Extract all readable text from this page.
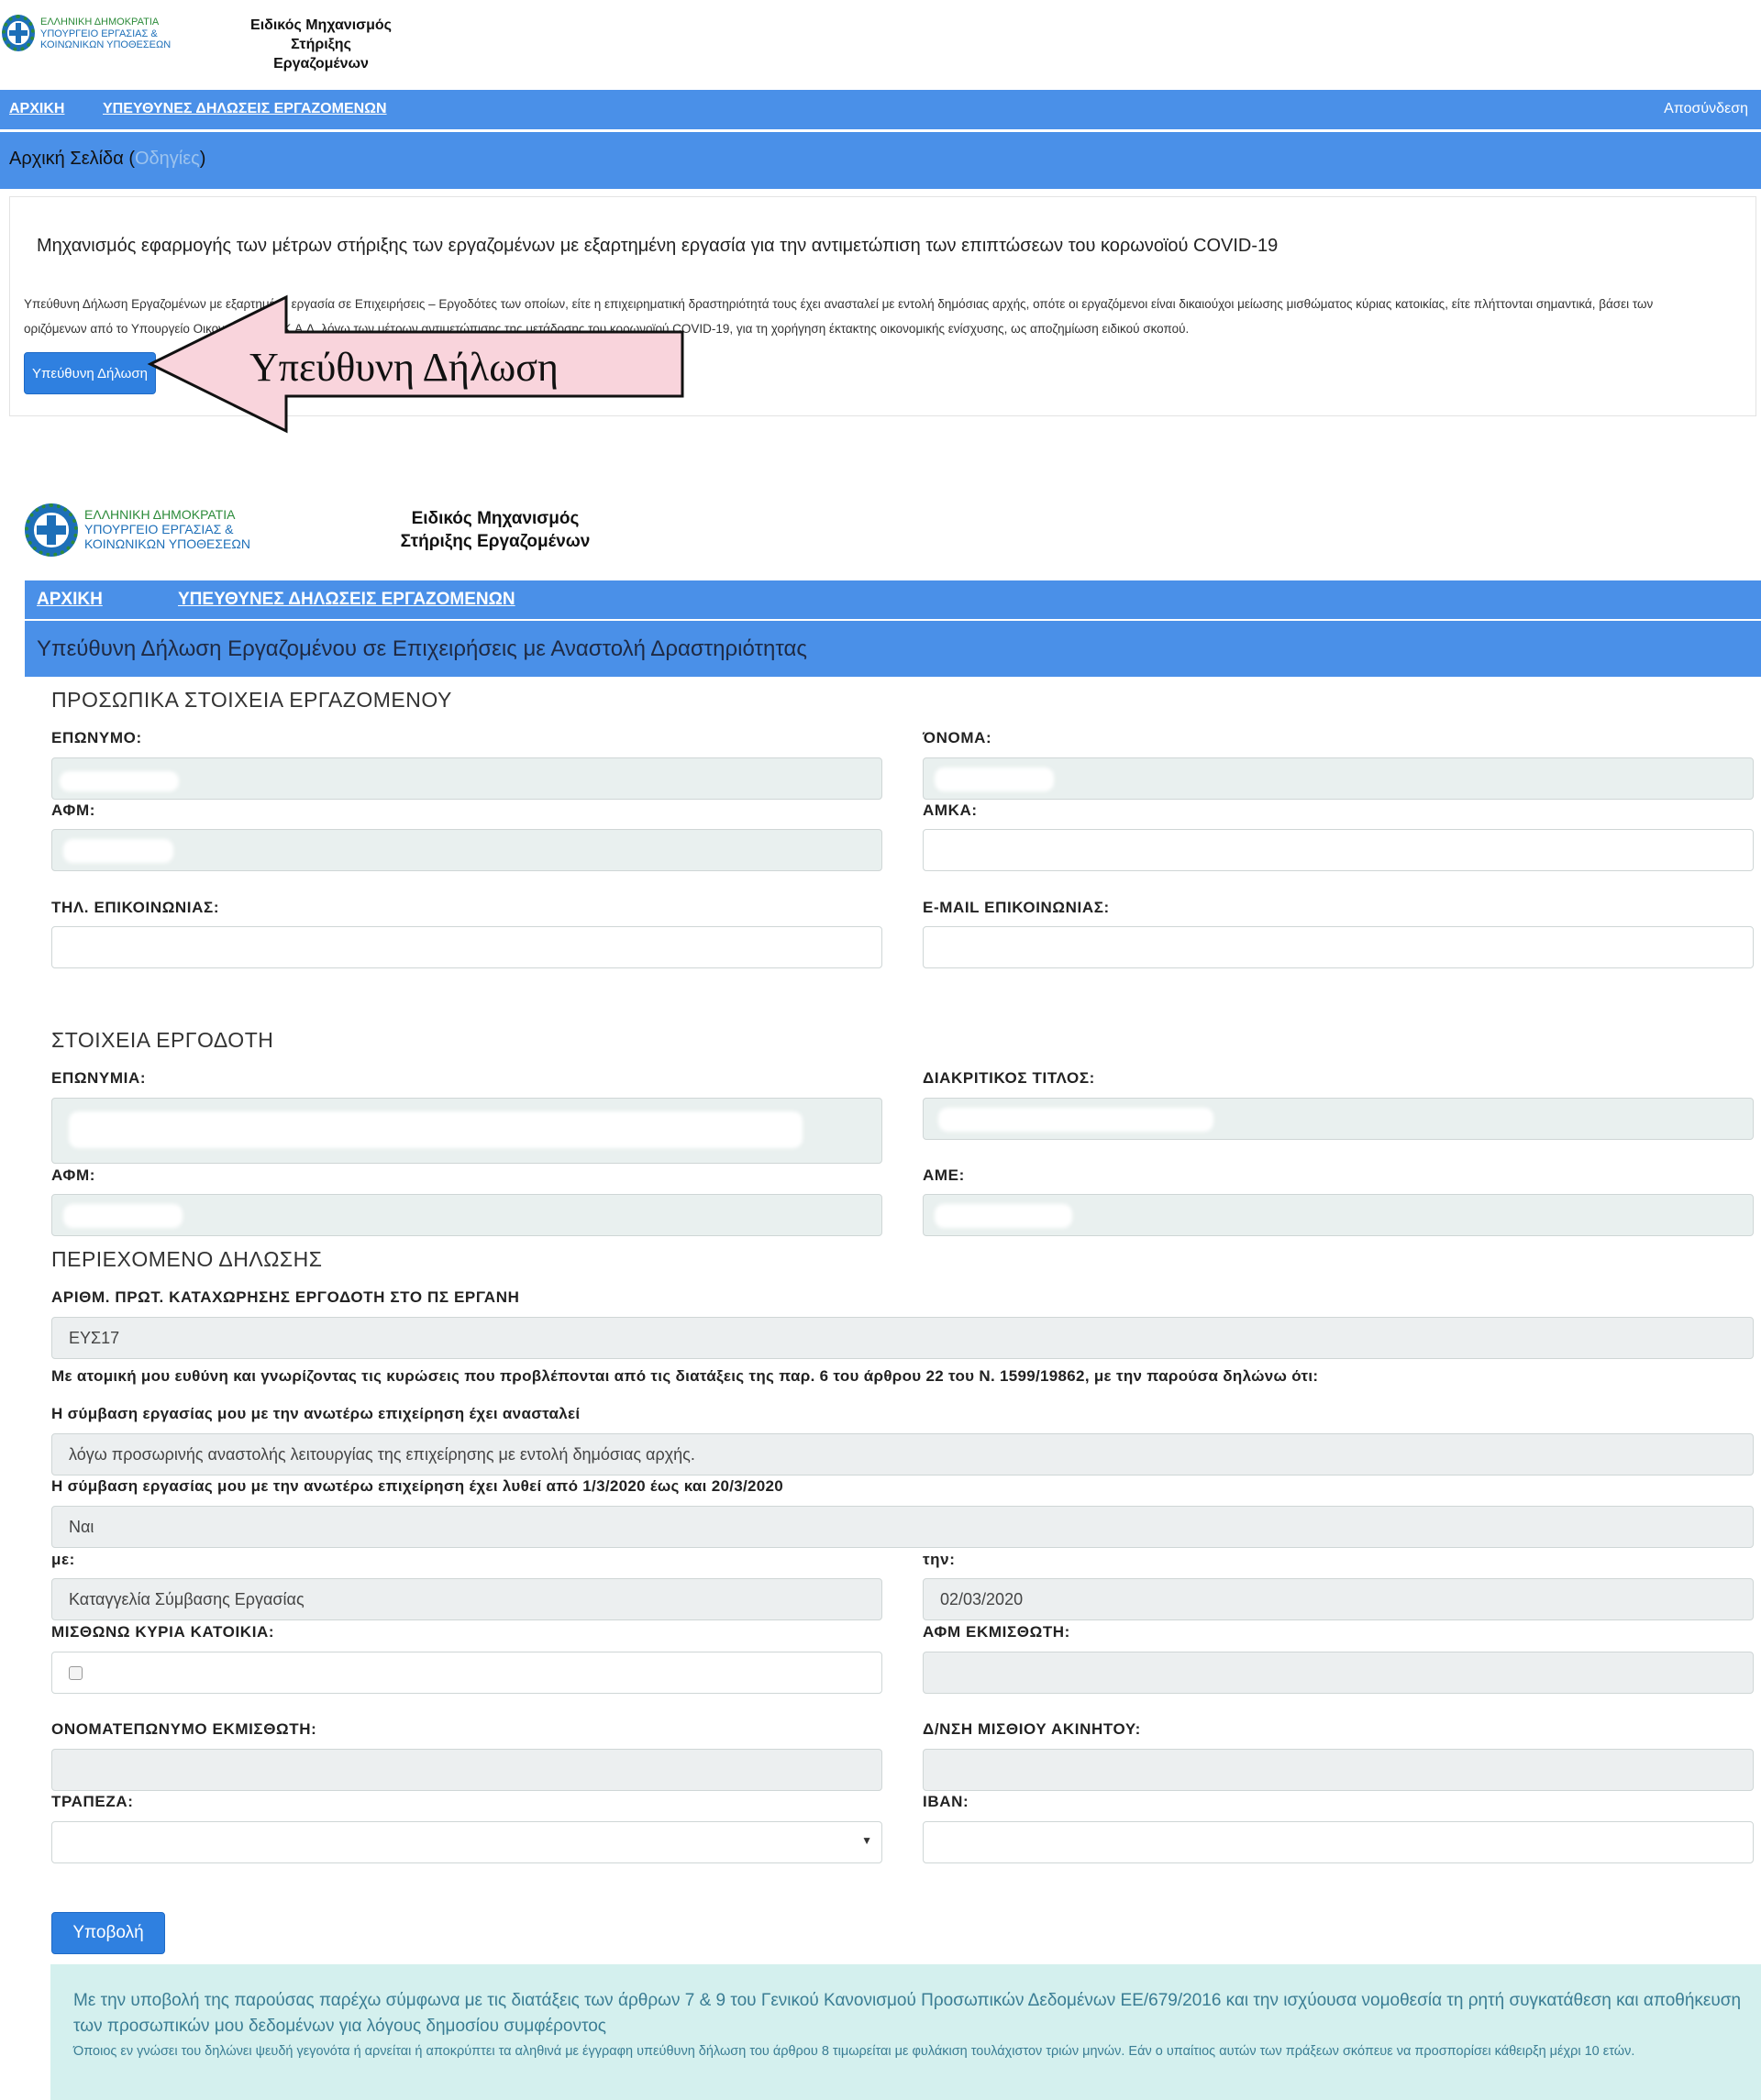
ΕΛΛΗΝΙΚΗ ΔΗΜΟΚΡΑΤΙΑ
ΥΠΟΥΡΓΕΙΟ ΕΡΓΑΣΙΑΣ &
ΚΟΙΝΩΝΙΚΩΝ ΥΠΟΘΕΣΕΩΝ
Ειδικός Μηχανισμός
Στήριξης Εργαζομένων
ΑΡΧΙΚΗ	ΥΠΕΥΘΥΝΕΣ ΔΗΛΩΣΕΙΣ ΕΡΓΑΖΟΜΕΝΩΝ	Αποσύνδεση
Αρχική Σελίδα (Οδηγίες)
Μηχανισμός εφαρμογής των μέτρων στήριξης των εργαζομένων με εξαρτημένη εργασία για την αντιμετώπιση των επιπτώσεων του κορωνοϊού COVID-19
Υπεύθυνη Δήλωση Εργαζομένων με εξαρτημένη εργασία σε Επιχειρήσεις – Εργοδότες των οποίων, είτε η επιχειρηματική δραστηριότητά τους έχει ανασταλεί με εντολή δημόσιας αρχής, οπότε οι εργαζόμενοι είναι δικαιούχοι μείωσης μισθώματος κύριας κατοικίας, είτε πλήττονται σημαντικά, βάσει των οριζόμενων από το Υπουργείο Οικονομικών με Κ.Α.Δ. λόγω των μέτρων αντιμετώπισης της μετάδοσης του κορωνοϊού COVID-19, για τη χορήγηση έκτακτης οικονομικής ενίσχυσης, ως αποζημίωση ειδικού σκοπού.
Υπεύθυνη Δήλωση	Υπεύθυνη Δήλωση
ΕΛΛΗΝΙΚΗ ΔΗΜΟΚΡΑΤΙΑ
ΥΠΟΥΡΓΕΙΟ ΕΡΓΑΣΙΑΣ &
ΚΟΙΝΩΝΙΚΩΝ ΥΠΟΘΕΣΕΩΝ
Ειδικός Μηχανισμός
Στήριξης Εργαζομένων
ΑΡΧΙΚΗ	ΥΠΕΥΘΥΝΕΣ ΔΗΛΩΣΕΙΣ ΕΡΓΑΖΟΜΕΝΩΝ
Υπεύθυνη Δήλωση Εργαζομένου σε Επιχειρήσεις με Αναστολή Δραστηριότητας
ΠΡΟΣΩΠΙΚΑ ΣΤΟΙΧΕΙΑ ΕΡΓΑΖΟΜΕΝΟΥ
ΕΠΩΝΥΜΟ:	ΌΝΟΜΑ:
ΑΦΜ:	ΑΜΚΑ:
ΤΗΛ. ΕΠΙΚΟΙΝΩΝΙΑΣ:	E-MAIL ΕΠΙΚΟΙΝΩΝΙΑΣ:
ΣΤΟΙΧΕΙΑ ΕΡΓΟΔΟΤΗ
ΕΠΩΝΥΜΙΑ:	ΔΙΑΚΡΙΤΙΚΟΣ ΤΙΤΛΟΣ:
ΑΦΜ:	ΑΜΕ:
ΠΕΡΙΕΧΟΜΕΝΟ ΔΗΛΩΣΗΣ
ΑΡΙΘΜ. ΠΡΩΤ. ΚΑΤΑΧΩΡΗΣΗΣ ΕΡΓΟΔΟΤΗ ΣΤΟ ΠΣ ΕΡΓΑΝΗ
ΕΥΣ17
Με ατομική μου ευθύνη και γνωρίζοντας τις κυρώσεις που προβλέπονται από τις διατάξεις της παρ. 6 του άρθρου 22 του Ν. 1599/19862, με την παρούσα δηλώνω ότι:
Η σύμβαση εργασίας μου με την ανωτέρω επιχείρηση έχει ανασταλεί
λόγω προσωρινής αναστολής λειτουργίας της επιχείρησης με εντολή δημόσιας αρχής.
Η σύμβαση εργασίας μου με την ανωτέρω επιχείρηση έχει λυθεί από 1/3/2020 έως και 20/3/2020
Ναι
με:	την:
Καταγγελία Σύμβασης Εργασίας	02/03/2020
ΜΙΣΘΩΝΩ ΚΥΡΙΑ ΚΑΤΟΙΚΙΑ:	ΑΦΜ ΕΚΜΙΣΘΩΤΗ:
ΟΝΟΜΑΤΕΠΩΝΥΜΟ ΕΚΜΙΣΘΩΤΗ:	Δ/ΝΣΗ ΜΙΣΘΙΟΥ ΑΚΙΝΗΤΟΥ:
ΤΡΑΠΕΖΑ:	IBAN:
▼
Υποβολή
Με την υποβολή της παρούσας παρέχω σύμφωνα με τις διατάξεις των άρθρων 7 & 9 του Γενικού Κανονισμού Προσωπικών Δεδομένων ΕΕ/679/2016 και την ισχύουσα νομοθεσία τη ρητή συγκατάθεση και αποθήκευση των προσωπικών μου δεδομένων για λόγους δημοσίου συμφέροντος
Όποιος εν γνώσει του δηλώνει ψευδή γεγονότα ή αρνείται ή αποκρύπτει τα αληθινά με έγγραφη υπεύθυνη δήλωση του άρθρου 8 τιμωρείται με φυλάκιση τουλάχιστον τριών μηνών. Εάν ο υπαίτιος αυτών των πράξεων σκόπευε να προσπορίσει κάθειρξη μέχρι 10 ετών.
